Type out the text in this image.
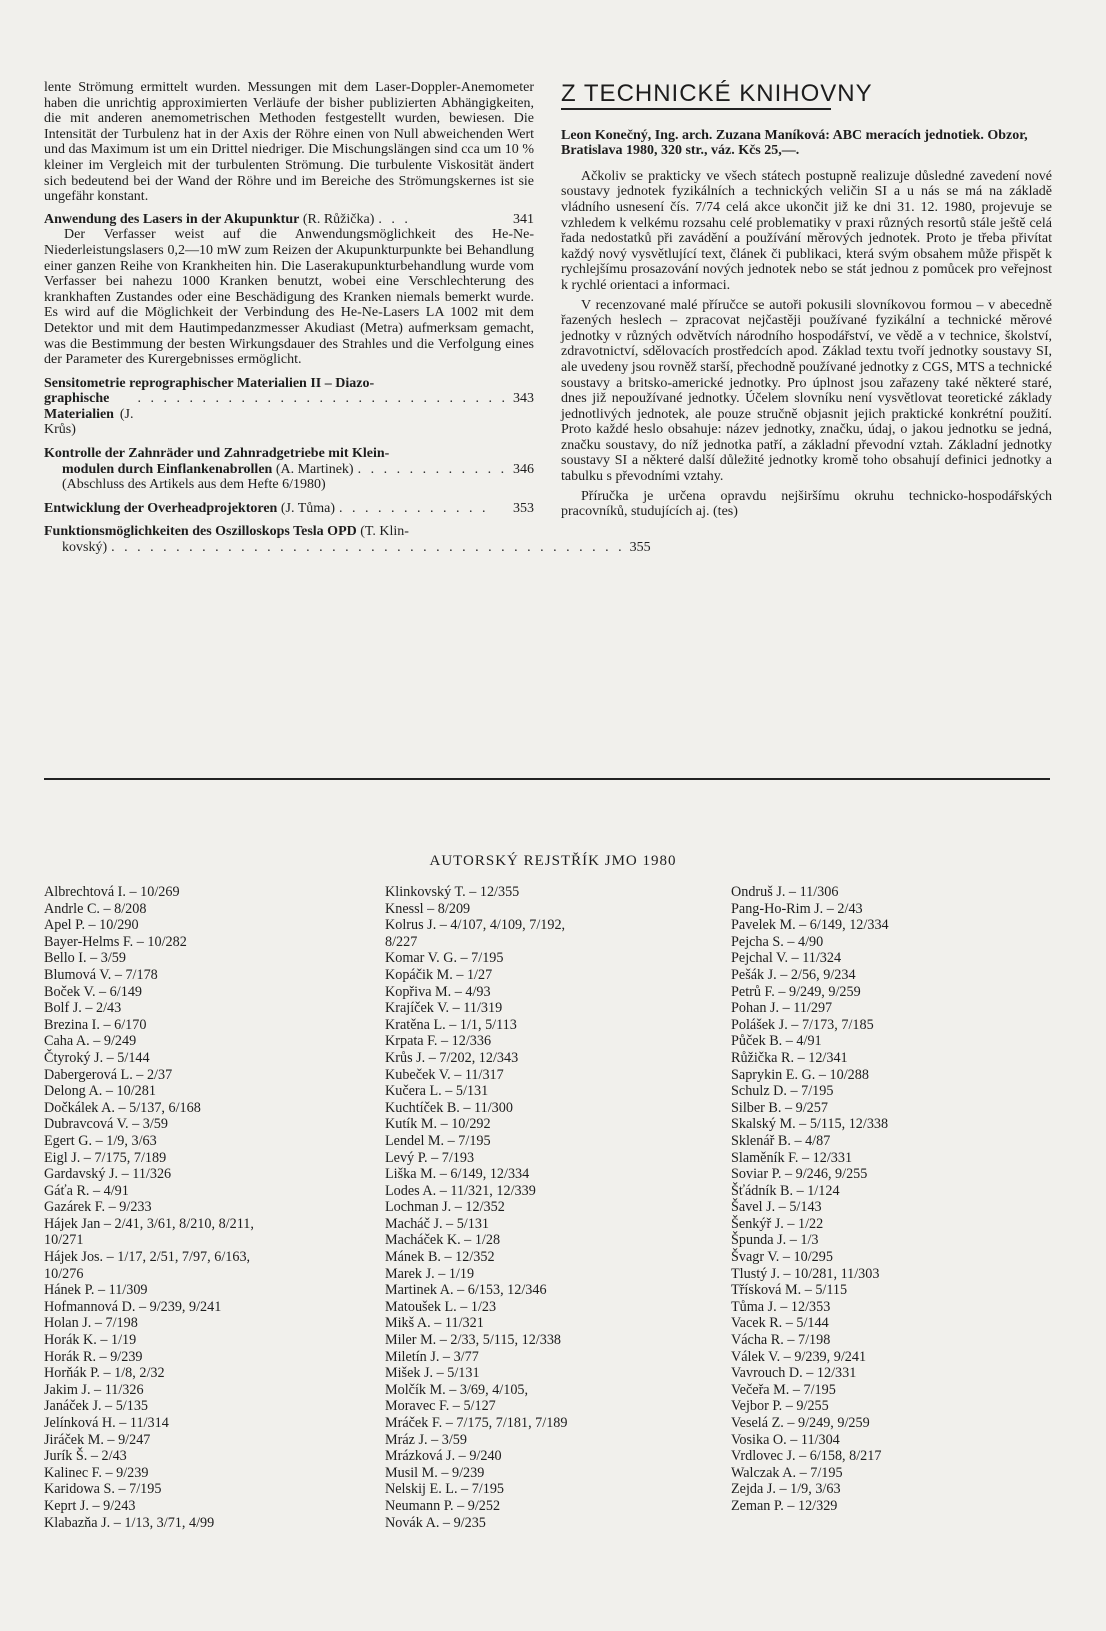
lente Strömung ermittelt wurden. Messungen mit dem Laser-Doppler-Anemometer haben die unrichtig approximierten Verläufe der bisher publizierten Abhängigkeiten, die mit anderen anemometrischen Methoden festgestellt wurden, bewiesen. Die Intensität der Turbulenz hat in der Axis der Röhre einen von Null abweichenden Wert und das Maximum ist um ein Drittel niedriger. Die Mischungslängen sind cca um 10 % kleiner im Vergleich mit der turbulenten Strömung. Die turbulente Viskosität ändert sich bedeutend bei der Wand der Röhre und im Bereiche des Strömungskernes ist sie ungefähr konstant.

Anwendung des Lasers in der Akupunktur (R. Růžička) . . .	341

Der Verfasser weist auf die Anwendungsmöglichkeit des He-Ne-Niederleistungslasers 0,2—10 mW zum Reizen der Akupunkturpunkte bei Behandlung einer ganzen Reihe von Krankheiten hin. Die Laserakupunkturbehandlung wurde vom Verfasser bei nahezu 1000 Kranken benutzt, wobei eine Verschlechterung des krankhaften Zustandes oder eine Beschädigung des Kranken niemals bemerkt wurde. Es wird auf die Möglichkeit der Verbindung des He-Ne-Lasers LA 1002 mit dem Detektor und mit dem Hautimpedanzmesser Akudiast (Metra) aufmerksam gemacht, was die Bestimmung der besten Wirkungsdauer des Strahles und die Verfolgung eines der Parameter des Kurergebnisses ermöglicht.

Sensitometrie reprographischer Materialien II – Diazo-
graphische Materialien (J. Krůs)
. . . . . . . . . . . . . . . . . . . . . . . . . . . . . 343
Kontrolle der Zahnräder und Zahnradgetriebe mit Klein-
modulen durch Einflankenabrollen (A. Martinek) . . . . . . . . . . . . 346
(Abschluss des Artikels aus dem Hefte 6/1980)
Entwicklung der Overheadprojektoren (J. Tůma) . . . . . . . . . . . .	353
Funktionsmöglichkeiten des Oszilloskops Tesla OPD (T. Klin-
kovský) . . . . . . . . . . . . . . . . . . . . . . . . . . . . . . . . . . . . . . . . 355
Z TECHNICKÉ KNIHOVNY

Leon Konečný, Ing. arch. Zuzana Maníková: ABC meracích jednotiek. Obzor, Bratislava 1980, 320 str., váz. Kčs 25,—.

Ačkoliv se prakticky ve všech státech postupně realizuje důsledné zavedení nové soustavy jednotek fyzikálních a technických veličin SI a u nás se má na základě vládního usnesení čís. 7/74 celá akce ukončit již ke dni 31. 12. 1980, projevuje se vzhledem k velkému rozsahu celé problematiky v praxi různých resortů stále ještě celá řada nedostatků při zavádění a používání měrových jednotek. Proto je třeba přivítat každý nový vysvětlující text, článek či publikaci, která svým obsahem může přispět k rychlejšímu prosazování nových jednotek nebo se stát jednou z pomůcek pro veřejnost k rychlé orientaci a informaci.

V recenzované malé příručce se autoři pokusili slovníkovou formou – v abecedně řazených heslech – zpracovat nejčastěji používané fyzikální a technické měrové jednotky v různých odvětvích národního hospodářství, ve vědě a v technice, školství, zdravotnictví, sdělovacích prostředcích apod. Základ textu tvoří jednotky soustavy SI, ale uvedeny jsou rovněž starší, přechodně používané jednotky z CGS, MTS a technické soustavy a britsko-americké jednotky. Pro úplnost jsou zařazeny také některé staré, dnes již nepoužívané jednotky. Účelem slovníku není vysvětlovat teoretické základy jednotlivých jednotek, ale pouze stručně objasnit jejich praktické konkrétní použití. Proto každé heslo obsahuje: název jednotky, značku, údaj, o jakou jednotku se jedná, značku soustavy, do níž jednotka patří, a základní převodní vztah. Základní jednotky soustavy SI a některé další důležité jednotky kromě toho obsahují definici jednotky a tabulku s převodními vztahy.

Příručka je určena opravdu nejširšímu okruhu technicko-hospodářských pracovníků, studujících aj. (tes)

AUTORSKÝ REJSTŘÍK JMO 1980
Albrechtová I. – 10/269
Andrle C. – 8/208
Apel P. – 10/290
Bayer-Helms F. – 10/282
Bello I. – 3/59
Blumová V. – 7/178
Boček V. – 6/149
Bolf J. – 2/43
Brezina I. – 6/170
Caha A. – 9/249
Čtyroký J. – 5/144
Dabergerová L. – 2/37
Delong A. – 10/281
Dočkálek A. – 5/137, 6/168
Dubravcová V. – 3/59
Egert G. – 1/9, 3/63
Eigl J. – 7/175, 7/189
Gardavský J. – 11/326
Gáťa R. – 4/91
Gazárek F. – 9/233
Hájek Jan – 2/41, 3/61, 8/210, 8/211,
10/271
Hájek Jos. – 1/17, 2/51, 7/97, 6/163,
10/276
Hánek P. – 11/309
Hofmannová D. – 9/239, 9/241
Holan J. – 7/198
Horák K. – 1/19
Horák R. – 9/239
Horňák P. – 1/8, 2/32
Jakim J. – 11/326
Janáček J. – 5/135
Jelínková H. – 11/314
Jiráček M. – 9/247
Jurík Š. – 2/43
Kalinec F. – 9/239
Karidowa S. – 7/195
Keprt J. – 9/243
Klabazňa J. – 1/13, 3/71, 4/99
Klinkovský T. – 12/355
Knessl – 8/209
Kolrus J. – 4/107, 4/109, 7/192,
8/227
Komar V. G. – 7/195
Kopáčik M. – 1/27
Kopřiva M. – 4/93
Krajíček V. – 11/319
Kratěna L. – 1/1, 5/113
Krpata F. – 12/336
Krůs J. – 7/202, 12/343
Kubeček V. – 11/317
Kučera L. – 5/131
Kuchtíček B. – 11/300
Kutík M. – 10/292
Lendel M. – 7/195
Levý P. – 7/193
Liška M. – 6/149, 12/334
Lodes A. – 11/321, 12/339
Lochman J. – 12/352
Macháč J. – 5/131
Macháček K. – 1/28
Mánek B. – 12/352
Marek J. – 1/19
Martinek A. – 6/153, 12/346
Matoušek L. – 1/23
Mikš A. – 11/321
Miler M. – 2/33, 5/115, 12/338
Miletín J. – 3/77
Mišek J. – 5/131
Molčík M. – 3/69, 4/105,
Moravec F. – 5/127
Mráček F. – 7/175, 7/181, 7/189
Mráz J. – 3/59
Mrázková J. – 9/240
Musil M. – 9/239
Nelskij E. L. – 7/195
Neumann P. – 9/252
Novák A. – 9/235
Ondruš J. – 11/306
Pang-Ho-Rim J. – 2/43
Pavelek M. – 6/149, 12/334
Pejcha S. – 4/90
Pejchal V. – 11/324
Pešák J. – 2/56, 9/234
Petrů F. – 9/249, 9/259
Pohan J. – 11/297
Polášek J. – 7/173, 7/185
Půček B. – 4/91
Růžička R. – 12/341
Saprykin E. G. – 10/288
Schulz D. – 7/195
Silber B. – 9/257
Skalský M. – 5/115, 12/338
Sklenář B. – 4/87
Slaměník F. – 12/331
Soviar P. – 9/246, 9/255
Šťádník B. – 1/124
Šavel J. – 5/143
Šenkýř J. – 1/22
Špunda J. – 1/3
Švagr V. – 10/295
Tlustý J. – 10/281, 11/303
Třísková M. – 5/115
Tůma J. – 12/353
Vacek R. – 5/144
Vácha R. – 7/198
Válek V. – 9/239, 9/241
Vavrouch D. – 12/331
Večeřa M. – 7/195
Vejbor P. – 9/255
Veselá Z. – 9/249, 9/259
Vosika O. – 11/304
Vrdlovec J. – 6/158, 8/217
Walczak A. – 7/195
Zejda J. – 1/9, 3/63
Zeman P. – 12/329
